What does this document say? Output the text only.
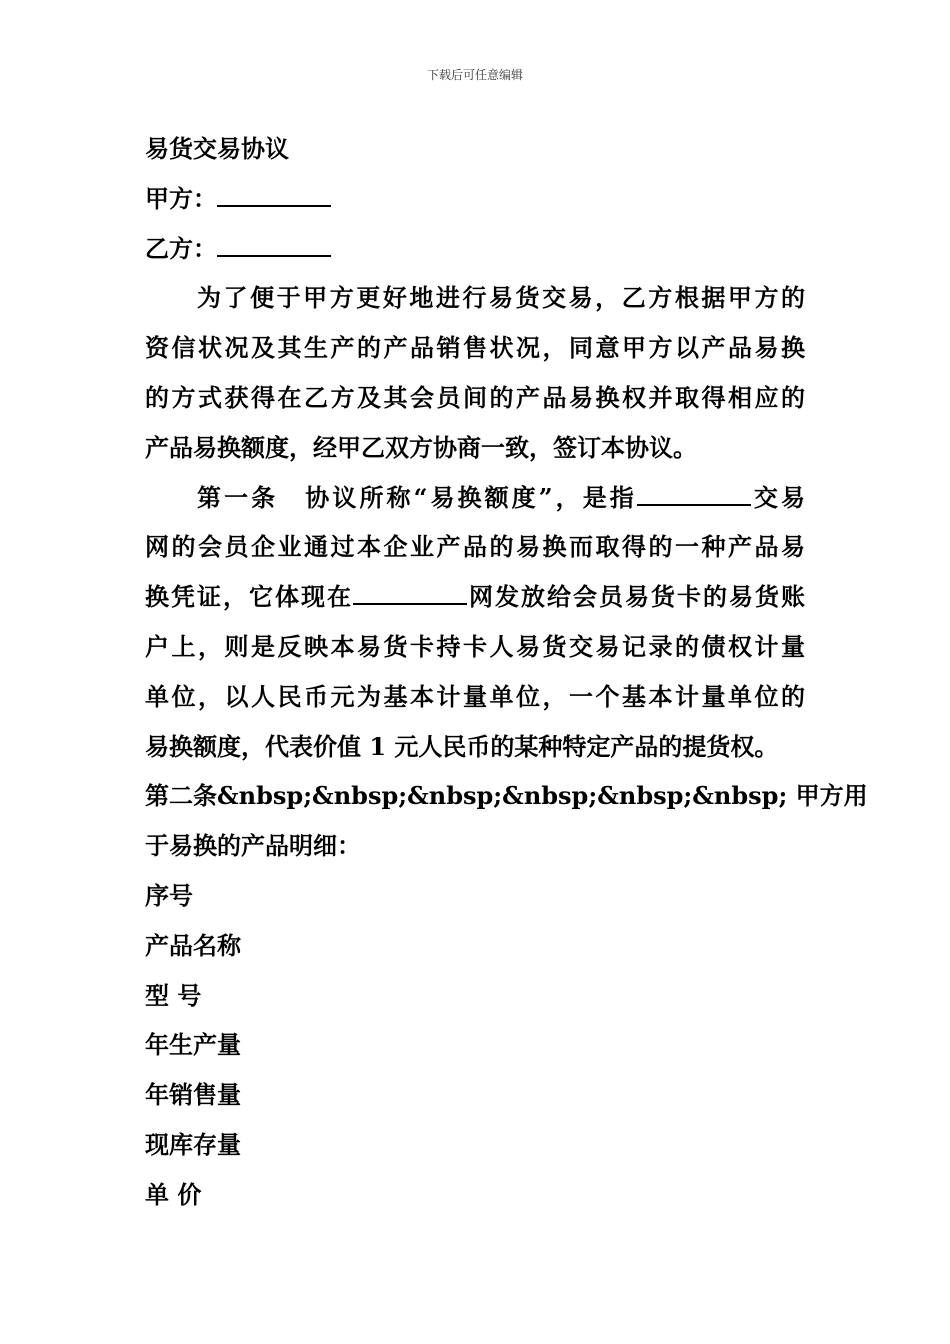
下载后可任意编辑
易货交易协议
甲方：
乙方：
为了便于甲方更好地进行易货交易，乙方根据甲方的
资信状况及其生产的产品销售状况，同意甲方以产品易换
的方式获得在乙方及其会员间的产品易换权并取得相应的
产品易换额度，经甲乙双方协商一致，签订本协议。
第一条　协议所称“易换额度”，是指	交易
网的会员企业通过本企业产品的易换而取得的一种产品易
换凭证，它体现在	网发放给会员易货卡的易货账
户上，则是反映本易货卡持卡人易货交易记录的债权计量
单位，以人民币元为基本计量单位，一个基本计量单位的
易换额度，代表价值 1 元人民币的某种特定产品的提货权。
第二条&nbsp;&nbsp;&nbsp;&nbsp;&nbsp;&nbsp; 甲方用
于易换的产品明细：
序号
产品名称
型 号
年生产量
年销售量
现库存量
单 价
